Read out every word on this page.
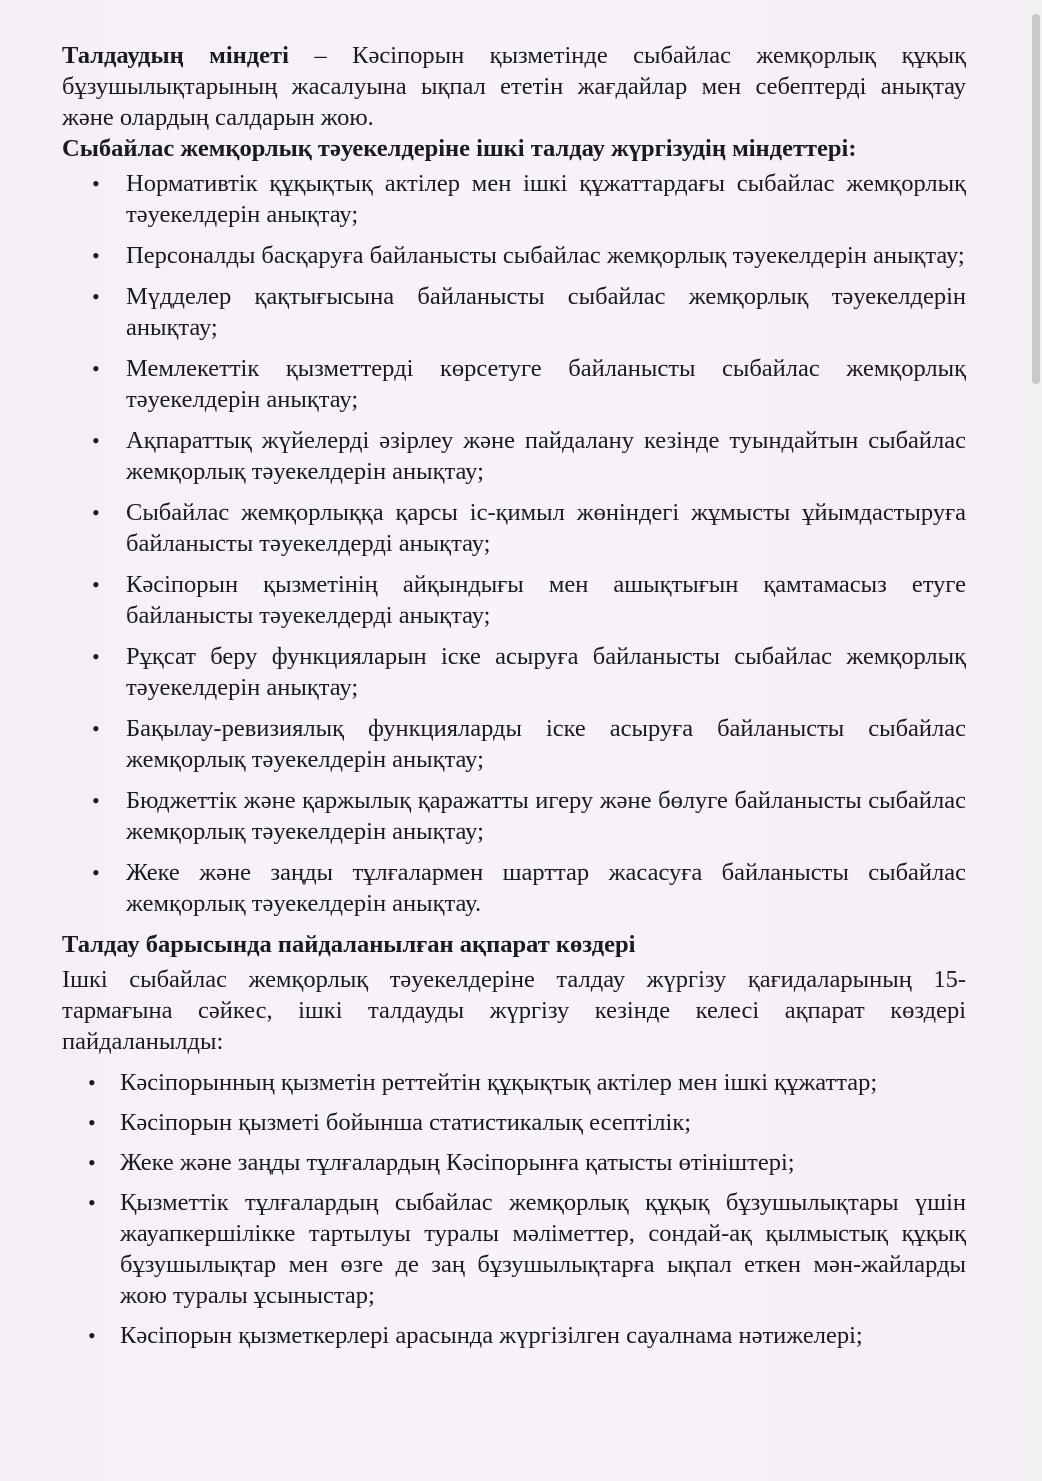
Талдаудың міндеті – Кәсіпорын қызметінде сыбайлас жемқорлық құқық бұзушылықтарының жасалуына ықпал ететін жағдайлар мен себептерді анықтау және олардың салдарын жою.

Сыбайлас жемқорлық тәуекелдеріне ішкі талдау жүргізудің міндеттері:

• Нормативтік құқықтық актілер мен ішкі құжаттардағы сыбайлас жемқорлық тәуекелдерін анықтау;
• Персоналды басқаруға байланысты сыбайлас жемқорлық тәуекелдерін анықтау;
• Мүдделер қақтығысына байланысты сыбайлас жемқорлық тәуекелдерін анықтау;
• Мемлекеттік қызметтерді көрсетуге байланысты сыбайлас жемқорлық тәуекелдерін анықтау;
• Ақпараттық жүйелерді әзірлеу және пайдалану кезінде туындайтын сыбайлас жемқорлық тәуекелдерін анықтау;
• Сыбайлас жемқорлыққа қарсы іс-қимыл жөніндегі жұмысты ұйымдастыруға байланысты тәуекелдерді анықтау;
• Кәсіпорын қызметінің айқындығы мен ашықтығын қамтамасыз етуге байланысты тәуекелдерді анықтау;
• Рұқсат беру функцияларын іске асыруға байланысты сыбайлас жемқорлық тәуекелдерін анықтау;
• Бақылау-ревизиялық функцияларды іске асыруға байланысты сыбайлас жемқорлық тәуекелдерін анықтау;
• Бюджеттік және қаржылық қаражатты игеру және бөлуге байланысты сыбайлас жемқорлық тәуекелдерін анықтау;
• Жеке және заңды тұлғалармен шарттар жасасуға байланысты сыбайлас жемқорлық тәуекелдерін анықтау.

Талдау барысында пайдаланылған ақпарат көздері

Ішкі сыбайлас жемқорлық тәуекелдеріне талдау жүргізу қағидаларының 15-тармағына сәйкес, ішкі талдауды жүргізу кезінде келесі ақпарат көздері пайдаланылды:

• Кәсіпорынның қызметін реттейтін құқықтық актілер мен ішкі құжаттар;
• Кәсіпорын қызметі бойынша статистикалық есептілік;
• Жеке және заңды тұлғалардың Кәсіпорынға қатысты өтініштері;
• Қызметтік тұлғалардың сыбайлас жемқорлық құқық бұзушылықтары үшін жауапкершілікке тартылуы туралы мәліметтер, сондай-ақ қылмыстық құқық бұзушылықтар мен өзге де заң бұзушылықтарға ықпал еткен мән-жайларды жою туралы ұсыныстар;
• Кәсіпорын қызметкерлері арасында жүргізілген сауалнама нәтижелері;
